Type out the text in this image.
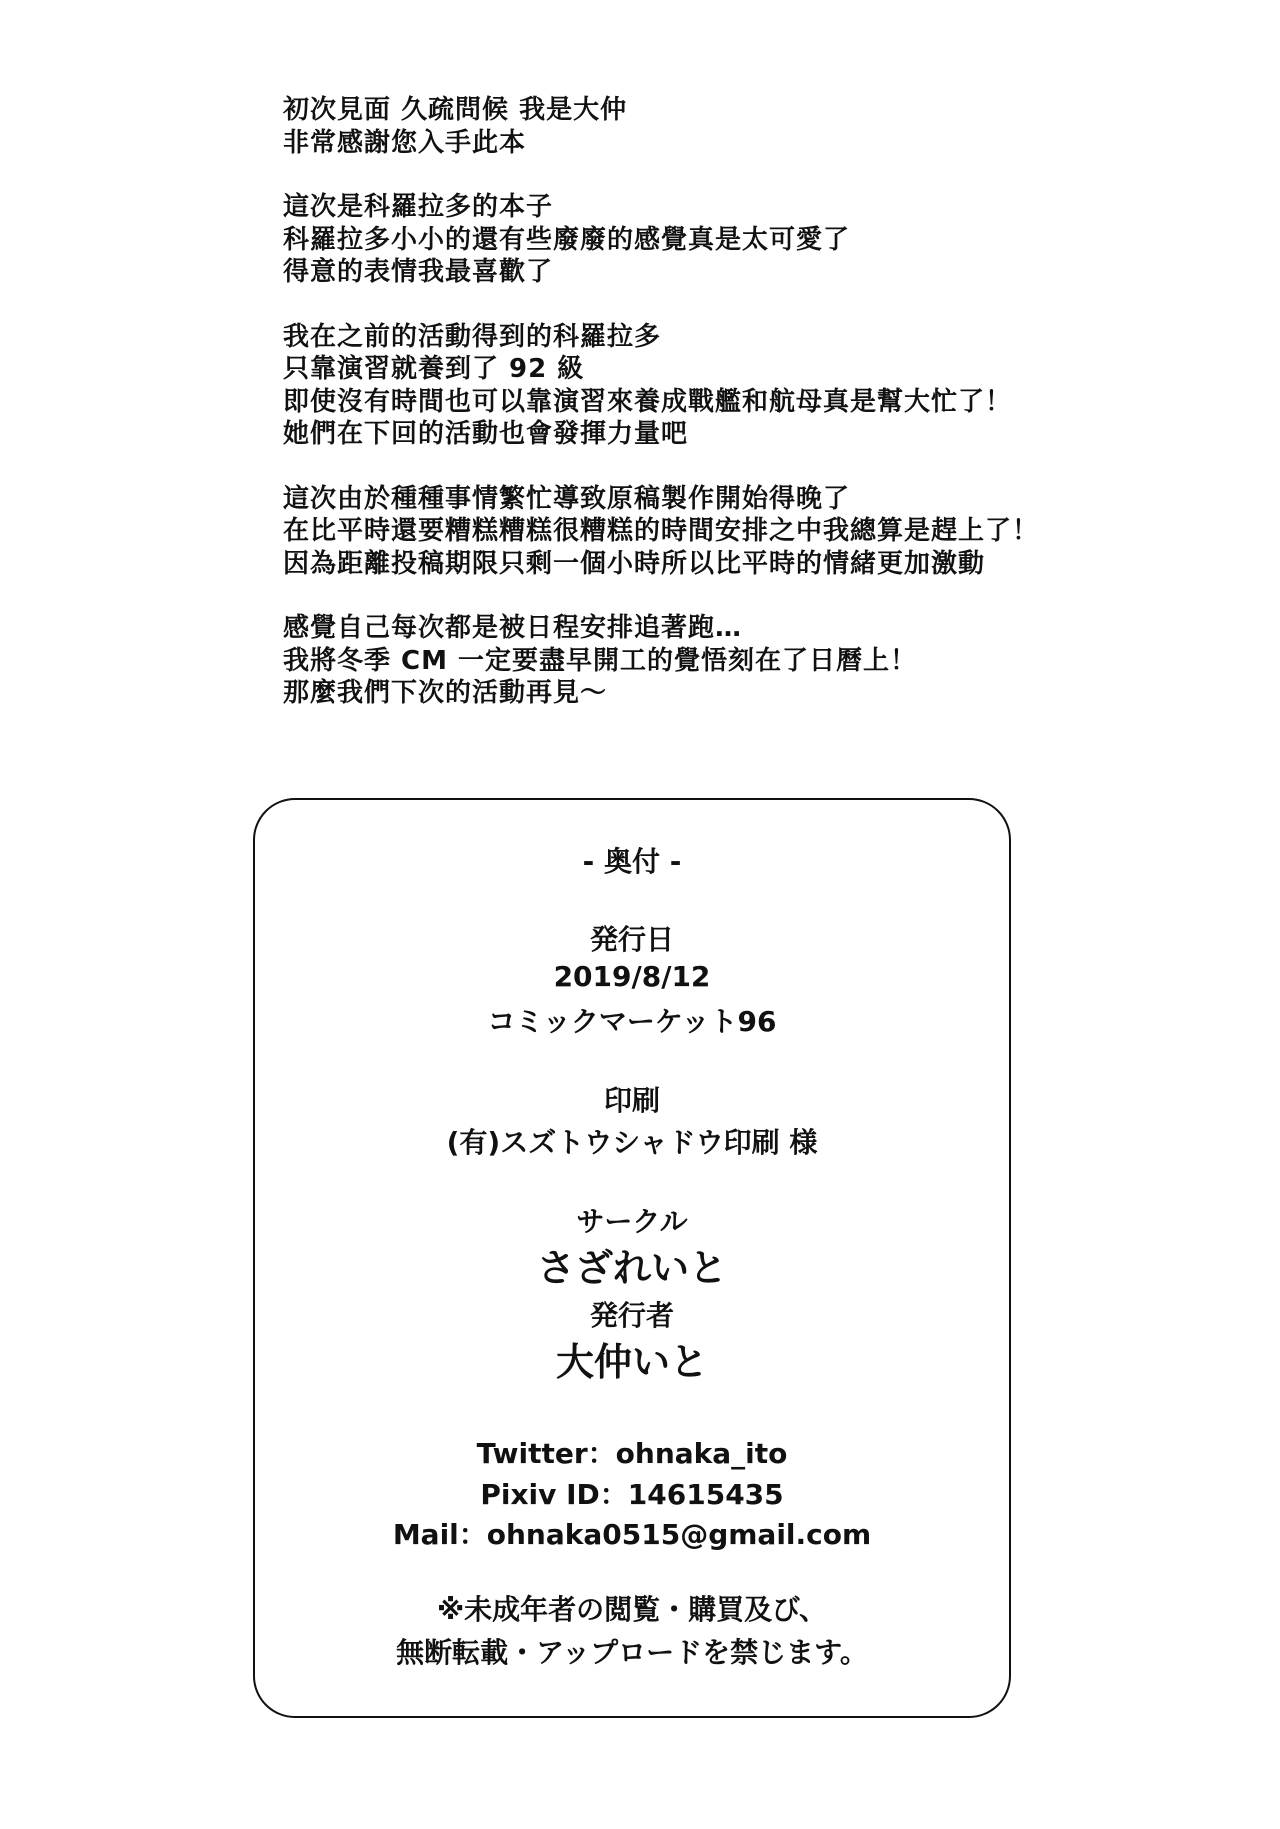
初次見面 久疏問候 我是大仲
非常感謝您入手此本
這次是科羅拉多的本子
科羅拉多小小的還有些廢廢的感覺真是太可愛了
得意的表情我最喜歡了
我在之前的活動得到的科羅拉多
只靠演習就養到了 92 級
即使沒有時間也可以靠演習來養成戰艦和航母真是幫大忙了！
她們在下回的活動也會發揮力量吧
這次由於種種事情繁忙導致原稿製作開始得晚了
在比平時還要糟糕糟糕很糟糕的時間安排之中我總算是趕上了！
因為距離投稿期限只剩一個小時所以比平時的情緒更加激動
感覺自己每次都是被日程安排追著跑…
我將冬季 CM 一定要盡早開工的覺悟刻在了日曆上！
那麼我們下次的活動再見～
- 奥付 -
発行日
2019/8/12
コミックマーケット96
印刷
(有)スズトウシャドウ印刷 様
サークル
さざれいと
発行者
大仲いと
Twitter：ohnaka_ito
Pixiv ID：14615435
Mail：ohnaka0515@gmail.com
※未成年者の閲覧・購買及び、
無断転載・アップロードを禁じます。
